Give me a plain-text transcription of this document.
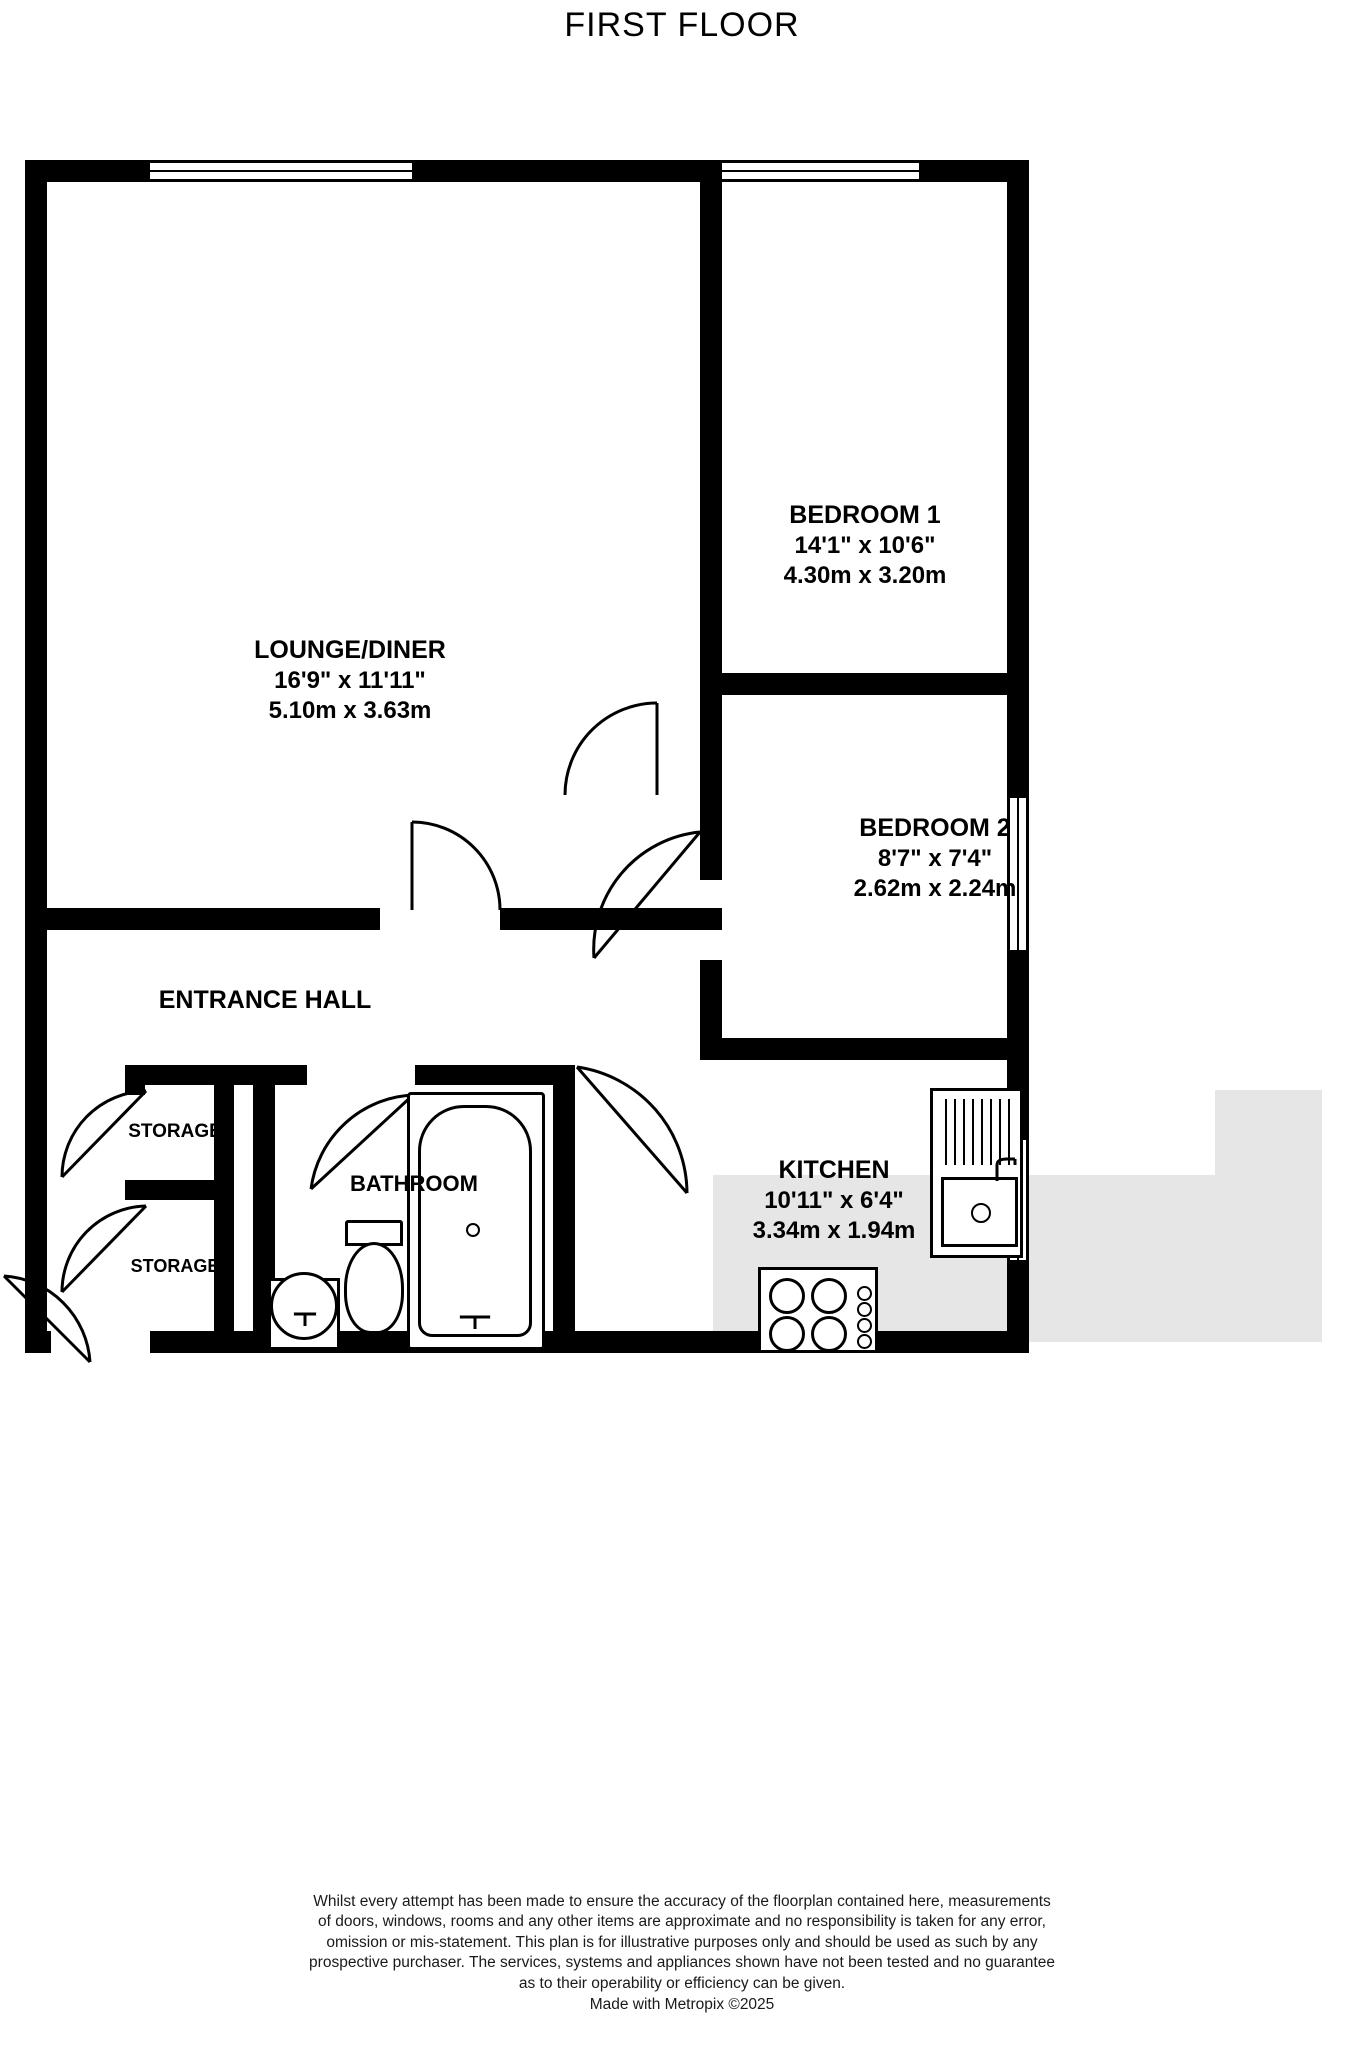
FIRST FLOOR
LOUNGE/DINER
16'9" x 11'11"
5.10m x 3.63m
BEDROOM 1
14'1" x 10'6"
4.30m x 3.20m
BEDROOM 2
8'7" x 7'4"
2.62m x 2.24m
KITCHEN
10'11" x 6'4"
3.34m x 1.94m
ENTRANCE HALL
BATHROOM
STORAGE
STORAGE
Whilst every attempt has been made to ensure the accuracy of the floorplan contained here, measurements
of doors, windows, rooms and any other items are approximate and no responsibility is taken for any error,
omission or mis-statement. This plan is for illustrative purposes only and should be used as such by any
prospective purchaser. The services, systems and appliances shown have not been tested and no guarantee
as to their operability or efficiency can be given.
Made with Metropix ©2025
